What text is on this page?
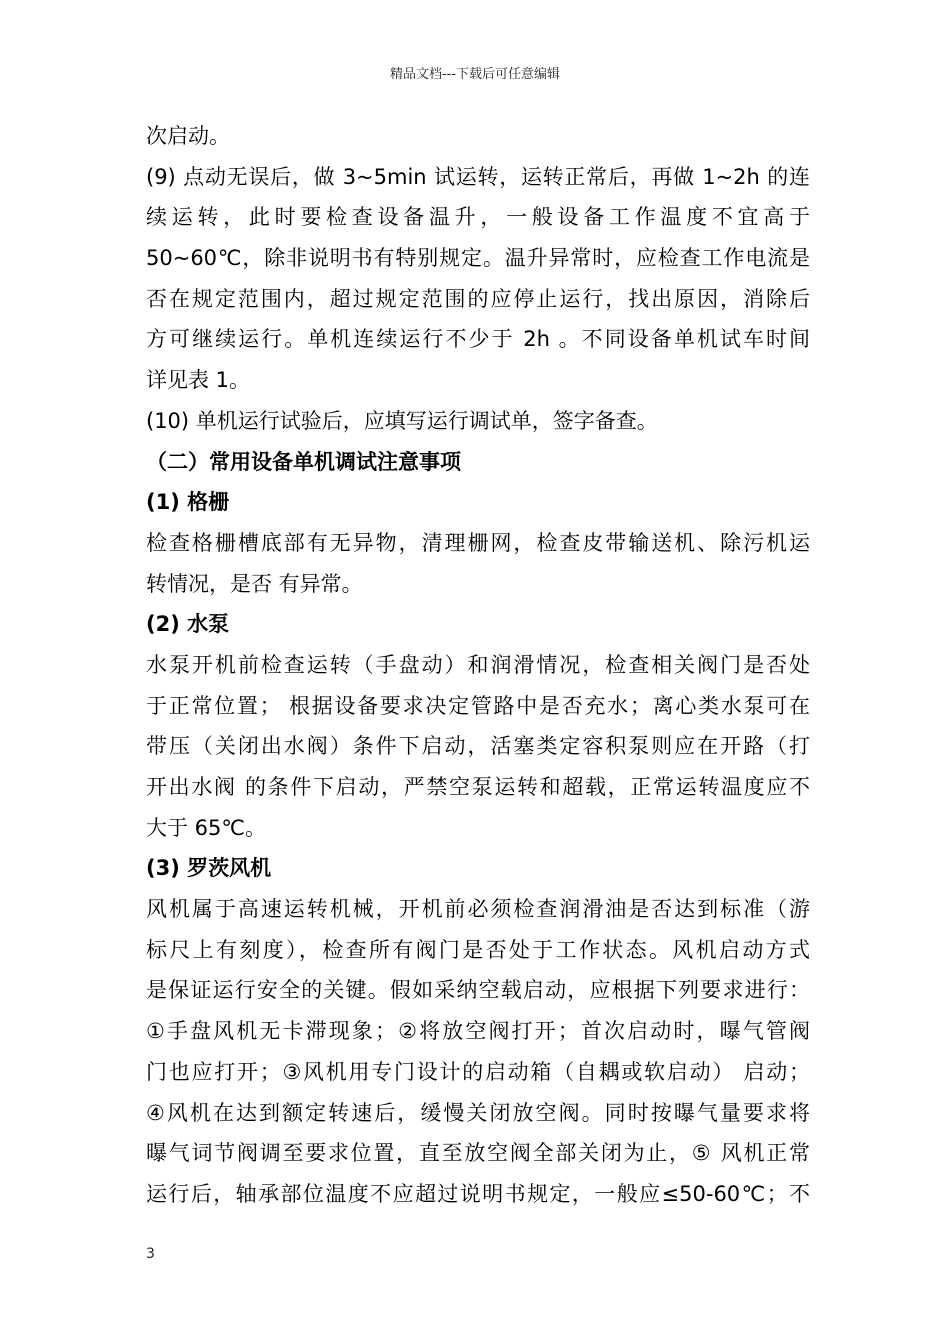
精品文档---下载后可任意编辑
次启动。
(9) 点动无误后，做 3~5min 试运转，运转正常后，再做 1~2h 的连
续运转，此时要检查设备温升，一般设备工作温度不宜高于
50~60℃，除非说明书有特别规定。温升异常时，应检查工作电流是
否在规定范围内，超过规定范围的应停止运行，找出原因，消除后
方可继续运行。单机连续运行不少于 2h 。不同设备单机试车时间
详见表 1。
(10) 单机运行试验后，应填写运行调试单，签字备查。
（二）常用设备单机调试注意事项
(1) 格栅
检查格栅槽底部有无异物，清理栅网，检查皮带输送机、除污机运
转情况，是否 有异常。
(2) 水泵
水泵开机前检查运转（手盘动）和润滑情况，检查相关阀门是否处
于正常位置； 根据设备要求决定管路中是否充水；离心类水泵可在
带压（关闭出水阀）条件下启动，活塞类定容积泵则应在开路（打
开出水阀 的条件下启动，严禁空泵运转和超载，正常运转温度应不
大于 65℃。
(3) 罗茨风机
风机属于高速运转机械，开机前必须检查润滑油是否达到标准（游
标尺上有刻度），检查所有阀门是否处于工作状态。风机启动方式
是保证运行安全的关键。假如采纳空载启动，应根据下列要求进行：
①手盘风机无卡滞现象；②将放空阀打开；首次启动时，曝气管阀
门也应打开；③风机用专门设计的启动箱（自耦或软启动） 启动；
④风机在达到额定转速后，缓慢关闭放空阀。同时按曝气量要求将
曝气词节阀调至要求位置，直至放空阀全部关闭为止，⑤ 风机正常
运行后，轴承部位温度不应超过说明书规定，一般应≤50-60℃；不
3
